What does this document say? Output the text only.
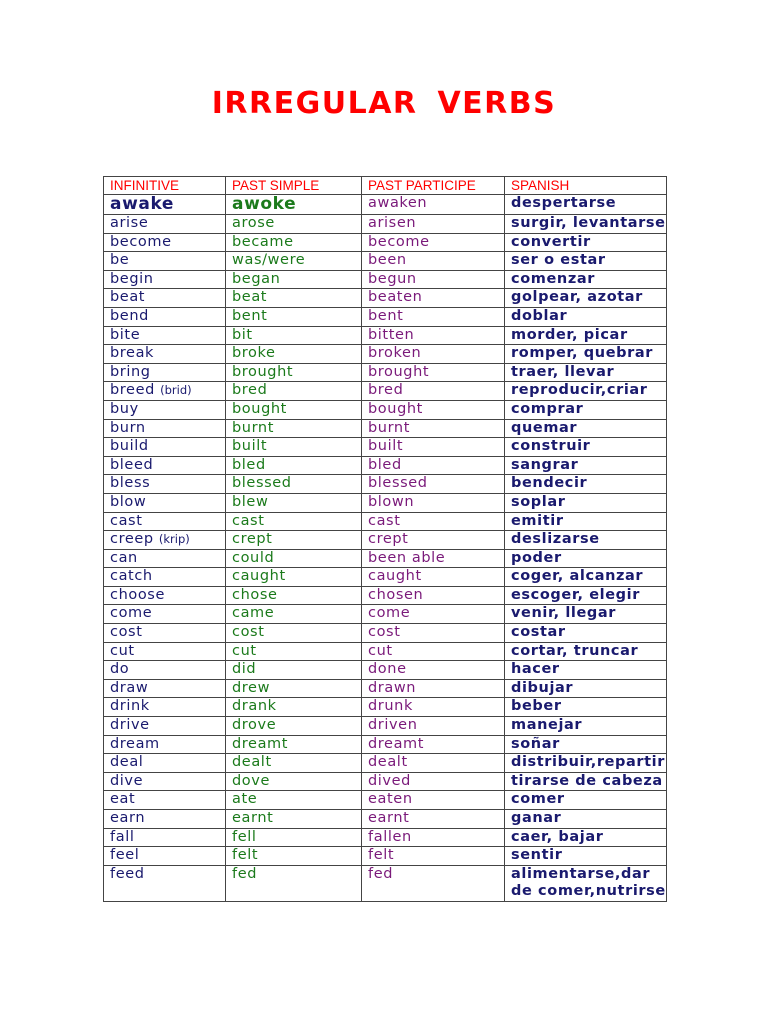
IRREGULAR VERBS
INFINITIVE	PAST SIMPLE	PAST PARTICIPE	SPANISH
awake	awoke	awaken	despertarse
arise	arose	arisen	surgir, levantarse
become	became	become	convertir
be	was/were	been	ser o estar
begin	began	begun	comenzar
beat	beat	beaten	golpear, azotar
bend	bent	bent	doblar
bite	bit	bitten	morder, picar
break	broke	broken	romper, quebrar
bring	brought	brought	traer, llevar
breed (brid)	bred	bred	reproducir,criar
buy	bought	bought	comprar
burn	burnt	burnt	quemar
build	built	built	construir
bleed	bled	bled	sangrar
bless	blessed	blessed	bendecir
blow	blew	blown	soplar
cast	cast	cast	emitir
creep (krip)	crept	crept	deslizarse
can	could	been able	poder
catch	caught	caught	coger, alcanzar
choose	chose	chosen	escoger, elegir
come	came	come	venir, llegar
cost	cost	cost	costar
cut	cut	cut	cortar, truncar
do	did	done	hacer
draw	drew	drawn	dibujar
drink	drank	drunk	beber
drive	drove	driven	manejar
dream	dreamt	dreamt	soñar
deal	dealt	dealt	distribuir,repartir
dive	dove	dived	tirarse de cabeza
eat	ate	eaten	comer
earn	earnt	earnt	ganar
fall	fell	fallen	caer, bajar
feel	felt	felt	sentir
feed	fed	fed	alimentarse,dar de comer,nutrirse
